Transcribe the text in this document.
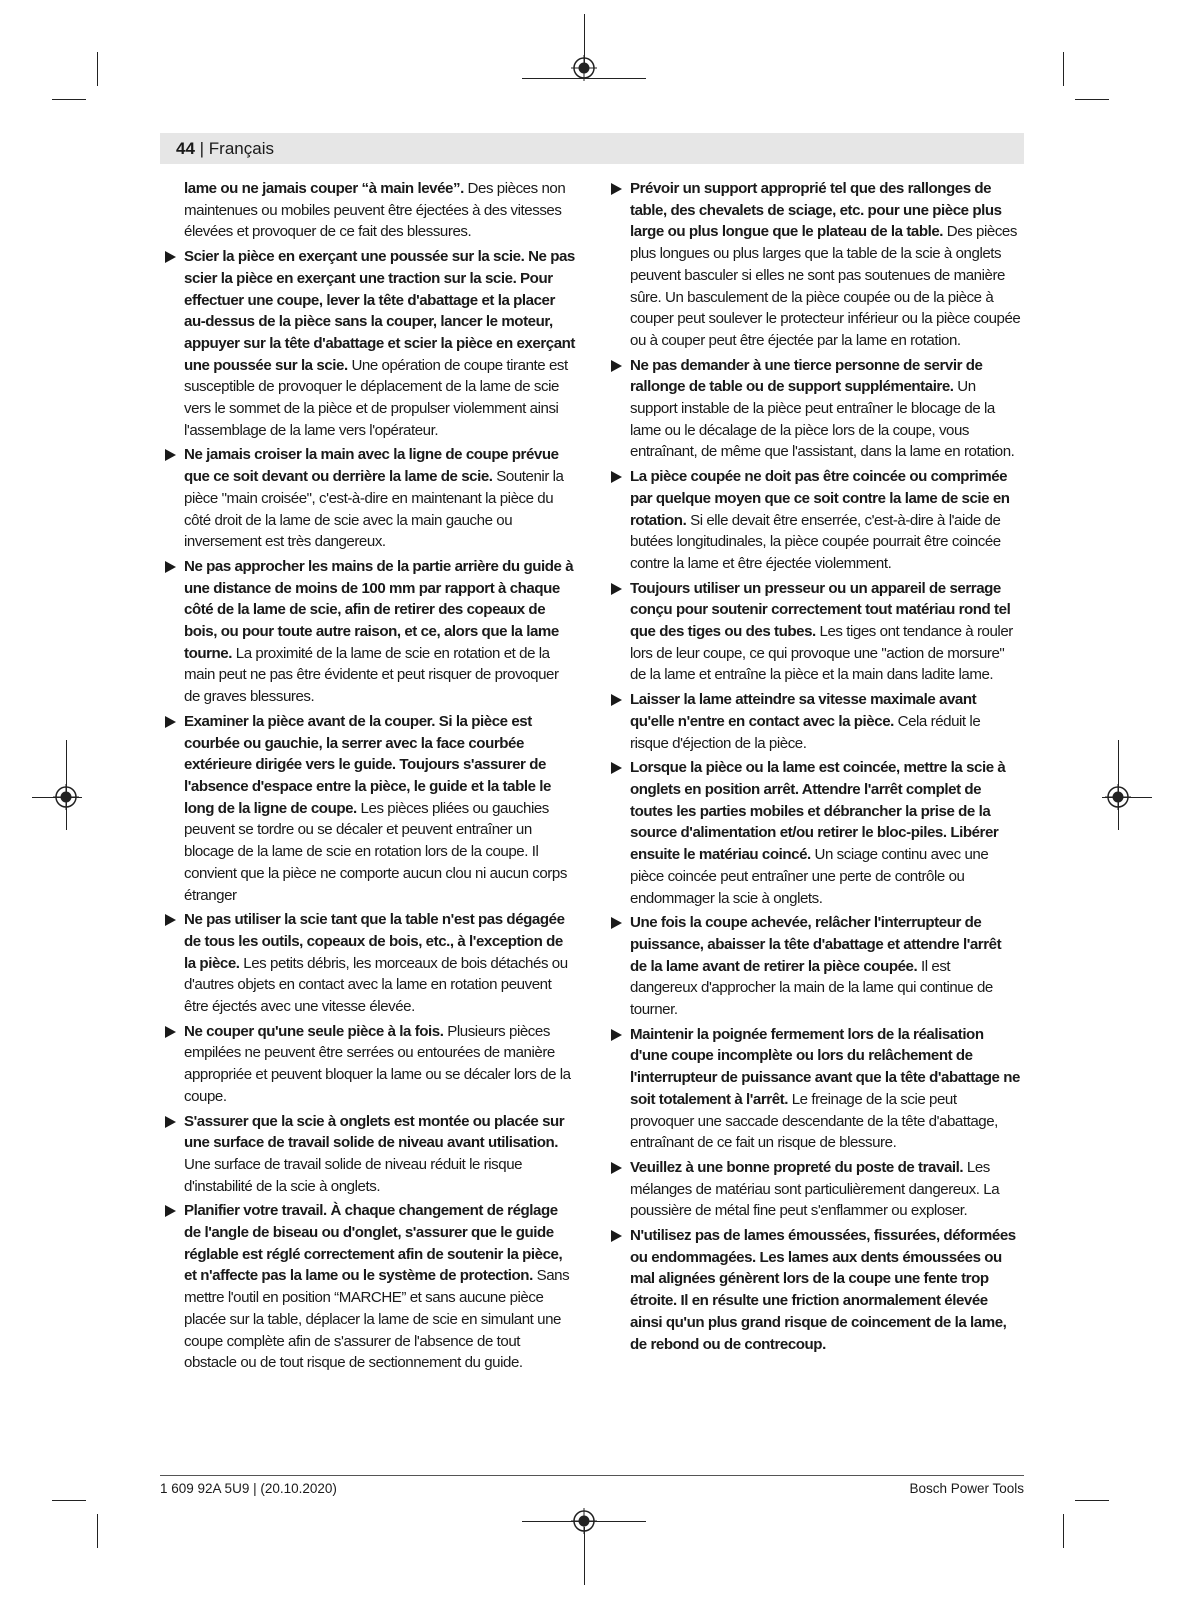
44 | Français

lame ou ne jamais couper “à main levée”. Des pièces non maintenues ou mobiles peuvent être éjectées à des vitesses élevées et provoquer de ce fait des blessures.

Scier la pièce en exerçant une poussée sur la scie. Ne pas scier la pièce en exerçant une traction sur la scie. Pour effectuer une coupe, lever la tête d'abattage et la placer au-dessus de la pièce sans la couper, lancer le moteur, appuyer sur la tête d'abattage et scier la pièce en exerçant une poussée sur la scie. Une opération de coupe tirante est susceptible de provoquer le déplacement de la lame de scie vers le sommet de la pièce et de propulser violemment ainsi l'assemblage de la lame vers l'opérateur.
Ne jamais croiser la main avec la ligne de coupe prévue que ce soit devant ou derrière la lame de scie. Soutenir la pièce "main croisée", c'est-à-dire en maintenant la pièce du côté droit de la lame de scie avec la main gauche ou inversement est très dangereux.
Ne pas approcher les mains de la partie arrière du guide à une distance de moins de 100 mm par rapport à chaque côté de la lame de scie, afin de retirer des copeaux de bois, ou pour toute autre raison, et ce, alors que la lame tourne. La proximité de la lame de scie en rotation et de la main peut ne pas être évidente et peut risquer de provoquer de graves blessures.
Examiner la pièce avant de la couper. Si la pièce est courbée ou gauchie, la serrer avec la face courbée extérieure dirigée vers le guide. Toujours s'assurer de l'absence d'espace entre la pièce, le guide et la table le long de la ligne de coupe. Les pièces pliées ou gauchies peuvent se tordre ou se décaler et peuvent entraîner un blocage de la lame de scie en rotation lors de la coupe. Il convient que la pièce ne comporte aucun clou ni aucun corps étranger
Ne pas utiliser la scie tant que la table n'est pas dégagée de tous les outils, copeaux de bois, etc., à l'exception de la pièce. Les petits débris, les morceaux de bois détachés ou d'autres objets en contact avec la lame en rotation peuvent être éjectés avec une vitesse élevée.
Ne couper qu'une seule pièce à la fois. Plusieurs pièces empilées ne peuvent être serrées ou entourées de manière appropriée et peuvent bloquer la lame ou se décaler lors de la coupe.
S'assurer que la scie à onglets est montée ou placée sur une surface de travail solide de niveau avant utilisation. Une surface de travail solide de niveau réduit le risque d'instabilité de la scie à onglets.
Planifier votre travail. À chaque changement de réglage de l'angle de biseau ou d'onglet, s'assurer que le guide réglable est réglé correctement afin de soutenir la pièce, et n'affecte pas la lame ou le système de protection. Sans mettre l'outil en position “MARCHE” et sans aucune pièce placée sur la table, déplacer la lame de scie en simulant une coupe complète afin de s'assurer de l'absence de tout obstacle ou de tout risque de sectionnement du guide.
Prévoir un support approprié tel que des rallonges de table, des chevalets de sciage, etc. pour une pièce plus large ou plus longue que le plateau de la table. Des pièces plus longues ou plus larges que la table de la scie à onglets peuvent basculer si elles ne sont pas soutenues de manière sûre. Un basculement de la pièce coupée ou de la pièce à couper peut soulever le protecteur inférieur ou la pièce coupée ou à couper peut être éjectée par la lame en rotation.
Ne pas demander à une tierce personne de servir de rallonge de table ou de support supplémentaire. Un support instable de la pièce peut entraîner le blocage de la lame ou le décalage de la pièce lors de la coupe, vous entraînant, de même que l'assistant, dans la lame en rotation.
La pièce coupée ne doit pas être coincée ou comprimée par quelque moyen que ce soit contre la lame de scie en rotation. Si elle devait être enserrée, c'est-à-dire à l'aide de butées longitudinales, la pièce coupée pourrait être coincée contre la lame et être éjectée violemment.
Toujours utiliser un presseur ou un appareil de serrage conçu pour soutenir correctement tout matériau rond tel que des tiges ou des tubes. Les tiges ont tendance à rouler lors de leur coupe, ce qui provoque une "action de morsure" de la lame et entraîne la pièce et la main dans ladite lame.
Laisser la lame atteindre sa vitesse maximale avant qu'elle n'entre en contact avec la pièce. Cela réduit le risque d'éjection de la pièce.
Lorsque la pièce ou la lame est coincée, mettre la scie à onglets en position arrêt. Attendre l'arrêt complet de toutes les parties mobiles et débrancher la prise de la source d'alimentation et/ou retirer le bloc-piles. Libérer ensuite le matériau coincé. Un sciage continu avec une pièce coincée peut entraîner une perte de contrôle ou endommager la scie à onglets.
Une fois la coupe achevée, relâcher l'interrupteur de puissance, abaisser la tête d'abattage et attendre l'arrêt de la lame avant de retirer la pièce coupée. Il est dangereux d'approcher la main de la lame qui continue de tourner.
Maintenir la poignée fermement lors de la réalisation d'une coupe incomplète ou lors du relâchement de l'interrupteur de puissance avant que la tête d'abattage ne soit totalement à l'arrêt. Le freinage de la scie peut provoquer une saccade descendante de la tête d'abattage, entraînant de ce fait un risque de blessure.
Veuillez à une bonne propreté du poste de travail. Les mélanges de matériau sont particulièrement dangereux. La poussière de métal fine peut s'enflammer ou exploser.
N'utilisez pas de lames émoussées, fissurées, déformées ou endommagées. Les lames aux dents émoussées ou mal alignées génèrent lors de la coupe une fente trop étroite. Il en résulte une friction anormalement élevée ainsi qu'un plus grand risque de coincement de la lame, de rebond ou de contrecoup.
1 609 92A 5U9 | (20.10.2020)	Bosch Power Tools
